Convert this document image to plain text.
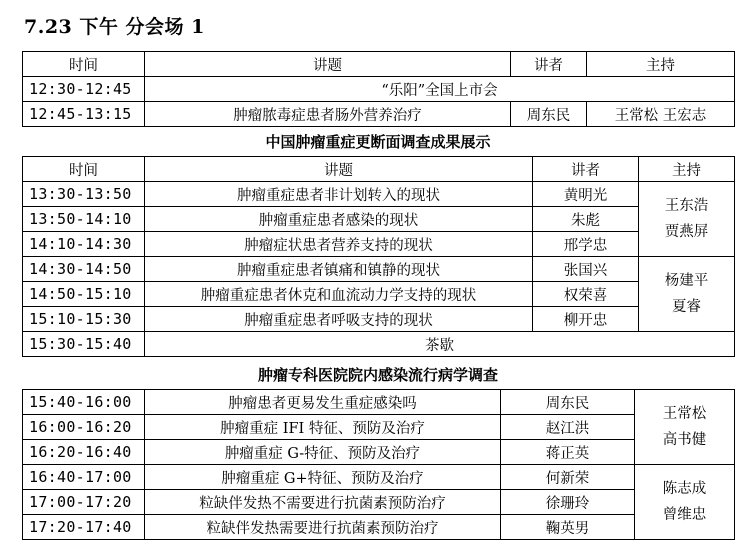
7.23 下午 分会场 1
时间	讲题	讲者	主持
12:30-12:45	“乐阳”全国上市会		
12:45-13:15	肿瘤脓毒症患者肠外营养治疗	周东民	王常松 王宏志
中国肿瘤重症更断面调查成果展示
时间	讲题	讲者	主持
13:30-13:50	肿瘤重症患者非计划转入的现状	黄明光	王东浩
贾燕屏

13:50-14:10	肿瘤重症患者感染的现状	朱彪	
14:10-14:30	肿瘤症状患者营养支持的现状	邢学忠	
14:30-14:50	肿瘤重症患者镇痛和镇静的现状	张国兴	杨建平
夏睿

14:50-15:10	肿瘤重症患者休克和血流动力学支持的现状	权荣喜	
15:10-15:30	肿瘤重症患者呼吸支持的现状	柳开忠	
15:30-15:40	茶歇		
肿瘤专科医院院内感染流行病学调查
15:40-16:00	肿瘤患者更易发生重症感染吗	周东民	王常松
高书健

16:00-16:20	肿瘤重症 IFI 特征、预防及治疗	赵江洪	
16:20-16:40	肿瘤重症 G-特征、预防及治疗	蒋正英	
16:40-17:00	肿瘤重症 G+特征、预防及治疗	何新荣	陈志成
曾维忠

17:00-17:20	粒缺伴发热不需要进行抗菌素预防治疗	徐珊玲	
17:20-17:40	粒缺伴发热需要进行抗菌素预防治疗	鞠英男	
